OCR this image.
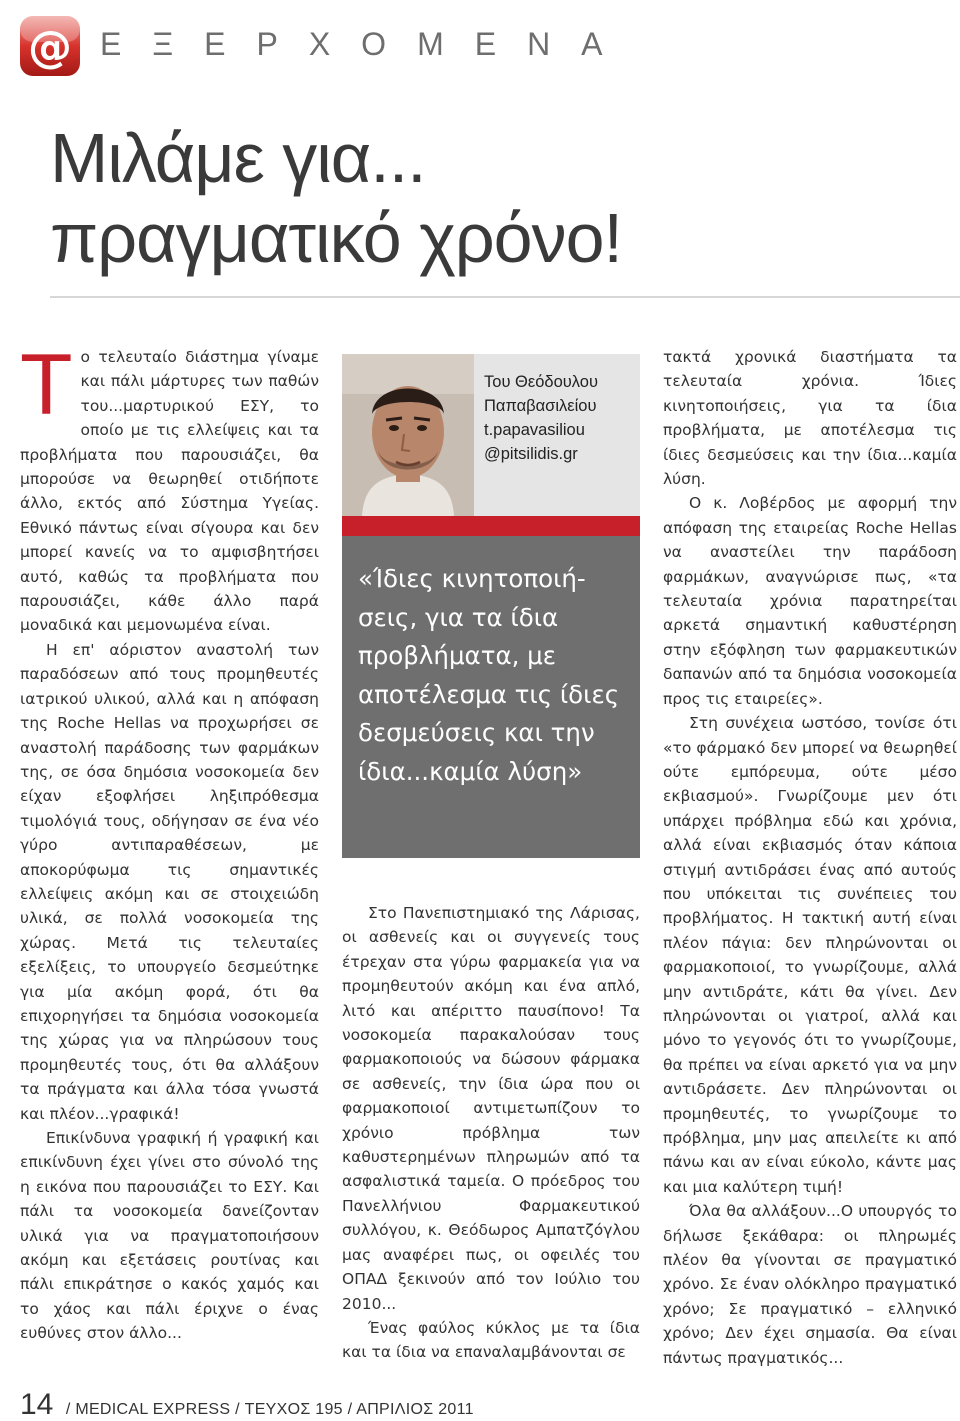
@ ΕΞΕΡΧΟΜΕΝΑ
Μιλάμε για...
πραγματικό χρόνο!

Το τελευταίο διάστημα γίναμε και πάλι μάρτυρες των παθών του...μαρτυρικού ΕΣΥ, το οποίο με τις ελλείψεις και τα προβλήματα που παρουσιάζει, θα μπορούσε να θεωρηθεί οτιδήποτε άλλο, εκτός από Σύστημα Υγείας. Εθνικό πάντως είναι σίγουρα και δεν μπορεί κανείς να το αμφισβητήσει αυτό, καθώς τα προβλήματα που παρουσιάζει, κάθε άλλο παρά μοναδικά και μεμονωμένα είναι.

Η επ' αόριστον αναστολή των παραδόσεων από τους προμηθευτές ιατρικού υλικού, αλλά και η απόφαση της Roche Hellas να προχωρήσει σε αναστολή παράδοσης των φαρμάκων της, σε όσα δημόσια νοσοκομεία δεν είχαν εξοφλήσει ληξιπρόθεσμα τιμολόγιά τους, οδήγησαν σε ένα νέο γύρο αντιπαραθέσεων, με αποκορύφωμα τις σημαντικές ελλείψεις ακόμη και σε στοιχειώδη υλικά, σε πολλά νοσοκομεία της χώρας. Μετά τις τελευταίες εξελίξεις, το υπουργείο δεσμεύτηκε για μία ακόμη φορά, ότι θα επιχορηγήσει τα δημόσια νοσοκομεία της χώρας για να πληρώσουν τους προμηθευτές τους, ότι θα αλλάξουν τα πράγματα και άλλα τόσα γνωστά και πλέον...γραφικά!

Επικίνδυνα γραφική ή γραφική και επικίνδυνη έχει γίνει στο σύνολό της η εικόνα που παρουσιάζει το ΕΣΥ. Και πάλι τα νοσοκομεία δανείζονταν υλικά για να πραγματοποιήσουν ακόμη και εξετάσεις ρουτίνας και πάλι επικράτησε ο κακός χαμός και το χάος και πάλι έριχνε ο ένας ευθύνες στον άλλο...

Του Θεόδουλου
Παπαβασιλείου
t.papavasiliou
@pitsilidis.gr
«Ίδιες κινητοποιή-σεις, για τα ίδια προβλήματα, με αποτέλεσμα τις ίδιες δεσμεύσεις και την ίδια...καμία λύση»

Στο Πανεπιστημιακό της Λάρισας, οι ασθενείς και οι συγγενείς τους έτρεχαν στα γύρω φαρμακεία για να προμηθευτούν ακόμη και ένα απλό, λιτό και απέριττο παυσίπονο! Τα νοσοκομεία παρακαλούσαν τους φαρμακοποιούς να δώσουν φάρμακα σε ασθενείς, την ίδια ώρα που οι φαρμακοποιοί αντιμετωπίζουν το χρόνιο πρόβλημα των καθυστερημένων πληρωμών από τα ασφαλιστικά ταμεία. Ο πρόεδρος του Πανελλήνιου Φαρμακευτικού συλλόγου, κ. Θεόδωρος Αμπατζόγλου μας αναφέρει πως, οι οφειλές του ΟΠΑΔ ξεκινούν από τον Ιούλιο του 2010...

Ένας φαύλος κύκλος με τα ίδια και τα ίδια να επαναλαμβάνονται σε

τακτά χρονικά διαστήματα τα τελευταία χρόνια. Ίδιες κινητοποιήσεις, για τα ίδια προβλήματα, με αποτέλεσμα τις ίδιες δεσμεύσεις και την ίδια...καμία λύση.

Ο κ. Λοβέρδος με αφορμή την απόφαση της εταιρείας Roche Hellas να αναστείλει την παράδοση φαρμάκων, αναγνώρισε πως, «τα τελευταία χρόνια παρατηρείται αρκετά σημαντική καθυστέρηση στην εξόφληση των φαρμακευτικών δαπανών από τα δημόσια νοσοκομεία προς τις εταιρείες».

Στη συνέχεια ωστόσο, τονίσε ότι «το φάρμακό δεν μπορεί να θεωρηθεί ούτε εμπόρευμα, ούτε μέσο εκβιασμού». Γνωρίζουμε μεν ότι υπάρχει πρόβλημα εδώ και χρόνια, αλλά είναι εκβιασμός όταν κάποια στιγμή αντιδράσει ένας από αυτούς που υπόκειται τις συνέπειες του προβλήματος. Η τακτική αυτή είναι πλέον πάγια: δεν πληρώνονται οι φαρμακοποιοί, το γνωρίζουμε, αλλά μην αντιδράτε, κάτι θα γίνει. Δεν πληρώνονται οι γιατροί, αλλά και μόνο το γεγονός ότι το γνωρίζουμε, θα πρέπει να είναι αρκετό για να μην αντιδράσετε. Δεν πληρώνονται οι προμηθευτές, το γνωρίζουμε το πρόβλημα, μην μας απειλείτε κι από πάνω και αν είναι εύκολο, κάντε μας και μια καλύτερη τιμή!

Όλα θα αλλάξουν...Ο υπουργός το δήλωσε ξεκάθαρα: οι πληρωμές πλέον θα γίνονται σε πραγματικό χρόνο. Σε έναν ολόκληρο πραγματικό χρόνο; Σε πραγματικό – ελληνικό χρόνο; Δεν έχει σημασία. Θα είναι πάντως πραγματικός...

14 / MEDICAL EXPRESS / ΤΕΥΧΟΣ 195 / ΑΠΡΙΛΙΟΣ 2011
